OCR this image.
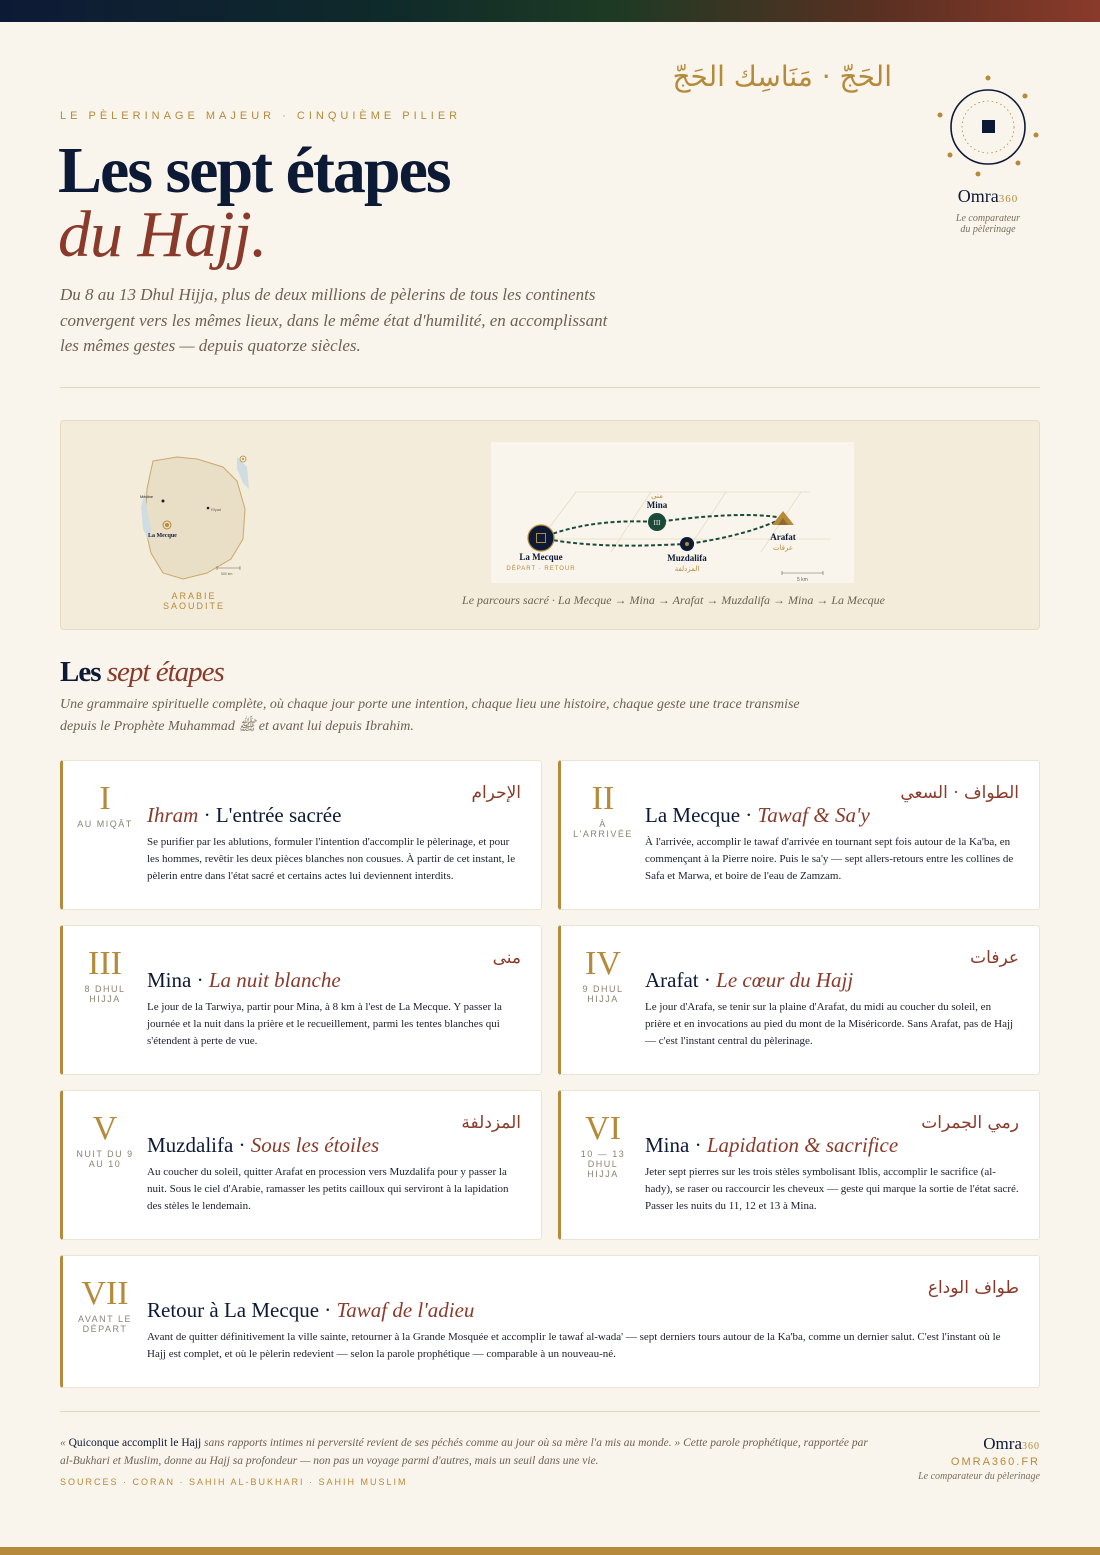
LE PÈLERINAGE MAJEUR · CINQUIÈME PILIER
الحَجّ · مَنَاسِك الحَجّ
Les sept étapes
du Hajj.
Du 8 au 13 Dhul Hijja, plus de deux millions de pèlerins de tous les continents convergent vers les mêmes lieux, dans le même état d'humilité, en accomplissant les mêmes gestes — depuis quatorze siècles.
Omra360
Le comparateur
du pèlerinage
Médine
Riyad
La Mecque
500 km
ARABIE SAOUDITE
III
منى
Mina
La Mecque
DÉPART · RETOUR
Muzdalifa
المزدلفة
Arafat
عرفات
5 km
Le parcours sacré · La Mecque → Mina → Arafat → Muzdalifa → Mina → La Mecque
Les sept étapes
Une grammaire spirituelle complète, où chaque jour porte une intention, chaque lieu une histoire, chaque geste une trace transmise
depuis le Prophète Muhammad ﷺ et avant lui depuis Ibrahim.
I
AU MIQÂT
الإحرام
Ihram · L'entrée sacrée
Se purifier par les ablutions, formuler l'intention d'accomplir le pèlerinage, et pour
les hommes, revêtir les deux pièces blanches non cousues. À partir de cet instant, le
pèlerin entre dans l'état sacré et certains actes lui deviennent interdits.
II
À L'ARRIVÉE
الطواف · السعي
La Mecque · Tawaf & Sa'y
À l'arrivée, accomplir le tawaf d'arrivée en tournant sept fois autour de la Ka'ba, en
commençant à la Pierre noire. Puis le sa'y — sept allers-retours entre les collines de
Safa et Marwa, et boire de l'eau de Zamzam.
III
8 DHUL HIJJA
منى
Mina · La nuit blanche
Le jour de la Tarwiya, partir pour Mina, à 8 km à l'est de La Mecque. Y passer la
journée et la nuit dans la prière et le recueillement, parmi les tentes blanches qui
s'étendent à perte de vue.
IV
9 DHUL HIJJA
عرفات
Arafat · Le cœur du Hajj
Le jour d'Arafa, se tenir sur la plaine d'Arafat, du midi au coucher du soleil, en
prière et en invocations au pied du mont de la Miséricorde. Sans Arafat, pas de Hajj
— c'est l'instant central du pèlerinage.
V
NUIT DU 9 AU 10
المزدلفة
Muzdalifa · Sous les étoiles
Au coucher du soleil, quitter Arafat en procession vers Muzdalifa pour y passer la
nuit. Sous le ciel d'Arabie, ramasser les petits cailloux qui serviront à la lapidation
des stèles le lendemain.
VI
10 — 13 DHUL HIJJA
رمي الجمرات
Mina · Lapidation & sacrifice
Jeter sept pierres sur les trois stèles symbolisant Iblis, accomplir le sacrifice (al-
hady), se raser ou raccourcir les cheveux — geste qui marque la sortie de l'état sacré.
Passer les nuits du 11, 12 et 13 à Mina.
VII
AVANT LE DÉPART
طواف الوداع
Retour à La Mecque · Tawaf de l'adieu
Avant de quitter définitivement la ville sainte, retourner à la Grande Mosquée et accomplir le tawaf al-wada' — sept derniers tours autour de la Ka'ba, comme un dernier salut. C'est l'instant où le
Hajj est complet, et où le pèlerin redevient — selon la parole prophétique — comparable à un nouveau-né.
« Quiconque accomplit le Hajj sans rapports intimes ni perversité revient de ses péchés comme au jour où sa mère l'a mis au monde. » Cette parole prophétique, rapportée par
al-Bukhari et Muslim, donne au Hajj sa profondeur — non pas un voyage parmi d'autres, mais un seuil dans une vie.
SOURCES · CORAN · SAHIH AL-BUKHARI · SAHIH MUSLIM
Omra360
OMRA360.FR
Le comparateur du pèlerinage
